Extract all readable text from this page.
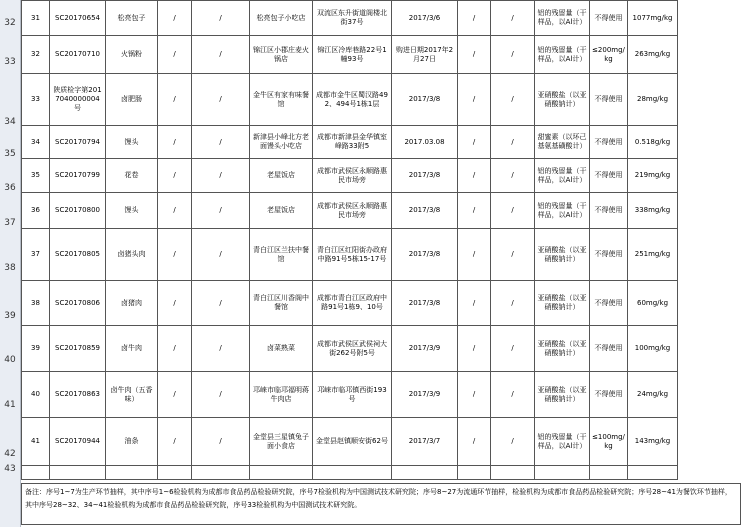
32
33
34
35
36
37
38
39
40
41
42
43
31	SC20170654	松亮包子	/	/	松亮包子小吃店	双流区东升街道阁楼北街37号	2017/3/6	/	/	铝的残留量（干样品，以Al计）	不得使用	1077mg/kg
32	SC20170710	火锅粉	/	/	锦江区小郡庄麦火锅店	锦江区冷库巷路22号1幢93号	购进日期2017年2月27日	/	/	铝的残留量（干样品，以Al计）	≤200mg/kg	263mg/kg
33	陕质检字第2017040000004号	卤肥肠	/	/	金牛区有家有味餐馆	成都市金牛区蜀汉路492、494号1栋1层	2017/3/8	/	/	亚硝酸盐（以亚硝酸钠计）	不得使用	28mg/kg
34	SC20170794	馒头	/	/	新津县小峰北方老面馒头小吃店	成都市新津县金华镇室峰路33附5	2017.03.08	/	/	甜蜜素（以环己基氨基磺酸计）	不得使用	0.518g/kg
35	SC20170799	花卷	/	/	老屋饭店	成都市武侯区永顺路惠民市场旁	2017/3/8	/	/	铝的残留量（干样品，以Al计）	不得使用	219mg/kg
36	SC20170800	馒头	/	/	老屋饭店	成都市武侯区永顺路惠民市场旁	2017/3/8	/	/	铝的残留量（干样品，以Al计）	不得使用	338mg/kg
37	SC20170805	卤猪头肉	/	/	青白江区兰扶中餐馆	青白江区红阳街办政府中路91号5栋15-17号	2017/3/8	/	/	亚硝酸盐（以亚硝酸钠计）	不得使用	251mg/kg
38	SC20170806	卤猪肉	/	/	青白江区川香阁中餐馆	成都市青白江区政府中路91号1栋9、10号	2017/3/8	/	/	亚硝酸盐（以亚硝酸钠计）	不得使用	60mg/kg
39	SC20170859	卤牛肉	/	/	卤菜熟菜	成都市武侯区武侯祠大街262号附5号	2017/3/9	/	/	亚硝酸盐（以亚硝酸钠计）	不得使用	100mg/kg
40	SC20170863	卤牛肉（五香味）	/	/	邛崃市临邛福明蒋牛肉店	邛崃市临邛镇西街193号	2017/3/9	/	/	亚硝酸盐（以亚硝酸钠计）	不得使用	24mg/kg
41	SC20170944	油条	/	/	金堂县三星镇兔子面小食店	金堂县赵镇顺安街62号	2017/3/7	/	/	铝的残留量（干样品，以Al计）	≤100mg/kg	143mg/kg

备注：序号1~7为生产环节抽样，其中序号1~6检验机构为成都市食品药品检验研究院，序号7检验机构为中国测试技术研究院；序号8~27为流通环节抽样，检验机构为成都市食品药品检验研究院；序号28~41为餐饮环节抽样，其中序号28~32、34~41检验机构为成都市食品药品检验研究院，序号33检验机构为中国测试技术研究院。
